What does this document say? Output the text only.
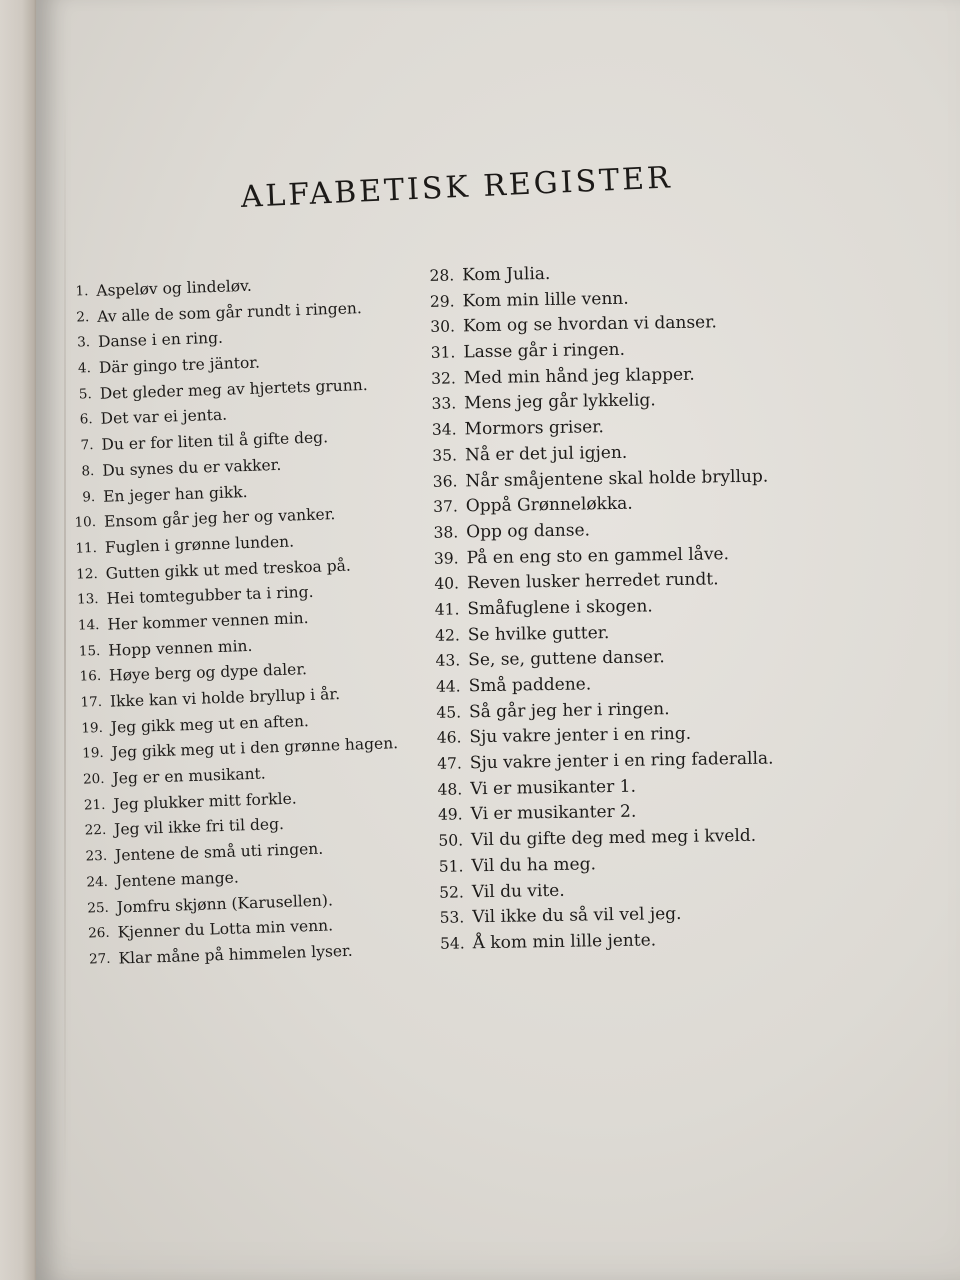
ALFABETISK REGISTER
1. Aspeløv og lindeløv.
2. Av alle de som går rundt i ringen.
3. Danse i en ring.
4. Där gingo tre jäntor.
5. Det gleder meg av hjertets grunn.
6. Det var ei jenta.
7. Du er for liten til å gifte deg.
8. Du synes du er vakker.
9. En jeger han gikk.
10. Ensom går jeg her og vanker.
11. Fuglen i grønne lunden.
12. Gutten gikk ut med treskoa på.
13. Hei tomtegubber ta i ring.
14. Her kommer vennen min.
15. Hopp vennen min.
16. Høye berg og dype daler.
17. Ikke kan vi holde bryllup i år.
19. Jeg gikk meg ut en aften.
19. Jeg gikk meg ut i den grønne hagen.
20. Jeg er en musikant.
21. Jeg plukker mitt forkle.
22. Jeg vil ikke fri til deg.
23. Jentene de små uti ringen.
24. Jentene mange.
25. Jomfru skjønn (Karusellen).
26. Kjenner du Lotta min venn.
27. Klar måne på himmelen lyser.
28. Kom Julia.
29. Kom min lille venn.
30. Kom og se hvordan vi danser.
31. Lasse går i ringen.
32. Med min hånd jeg klapper.
33. Mens jeg går lykkelig.
34. Mormors griser.
35. Nå er det jul igjen.
36. Når småjentene skal holde bryllup.
37. Oppå Grønneløkka.
38. Opp og danse.
39. På en eng sto en gammel låve.
40. Reven lusker herredet rundt.
41. Småfuglene i skogen.
42. Se hvilke gutter.
43. Se, se, guttene danser.
44. Små paddene.
45. Så går jeg her i ringen.
46. Sju vakre jenter i en ring.
47. Sju vakre jenter i en ring faderalla.
48. Vi er musikanter 1.
49. Vi er musikanter 2.
50. Vil du gifte deg med meg i kveld.
51. Vil du ha meg.
52. Vil du vite.
53. Vil ikke du så vil vel jeg.
54. Å kom min lille jente.
